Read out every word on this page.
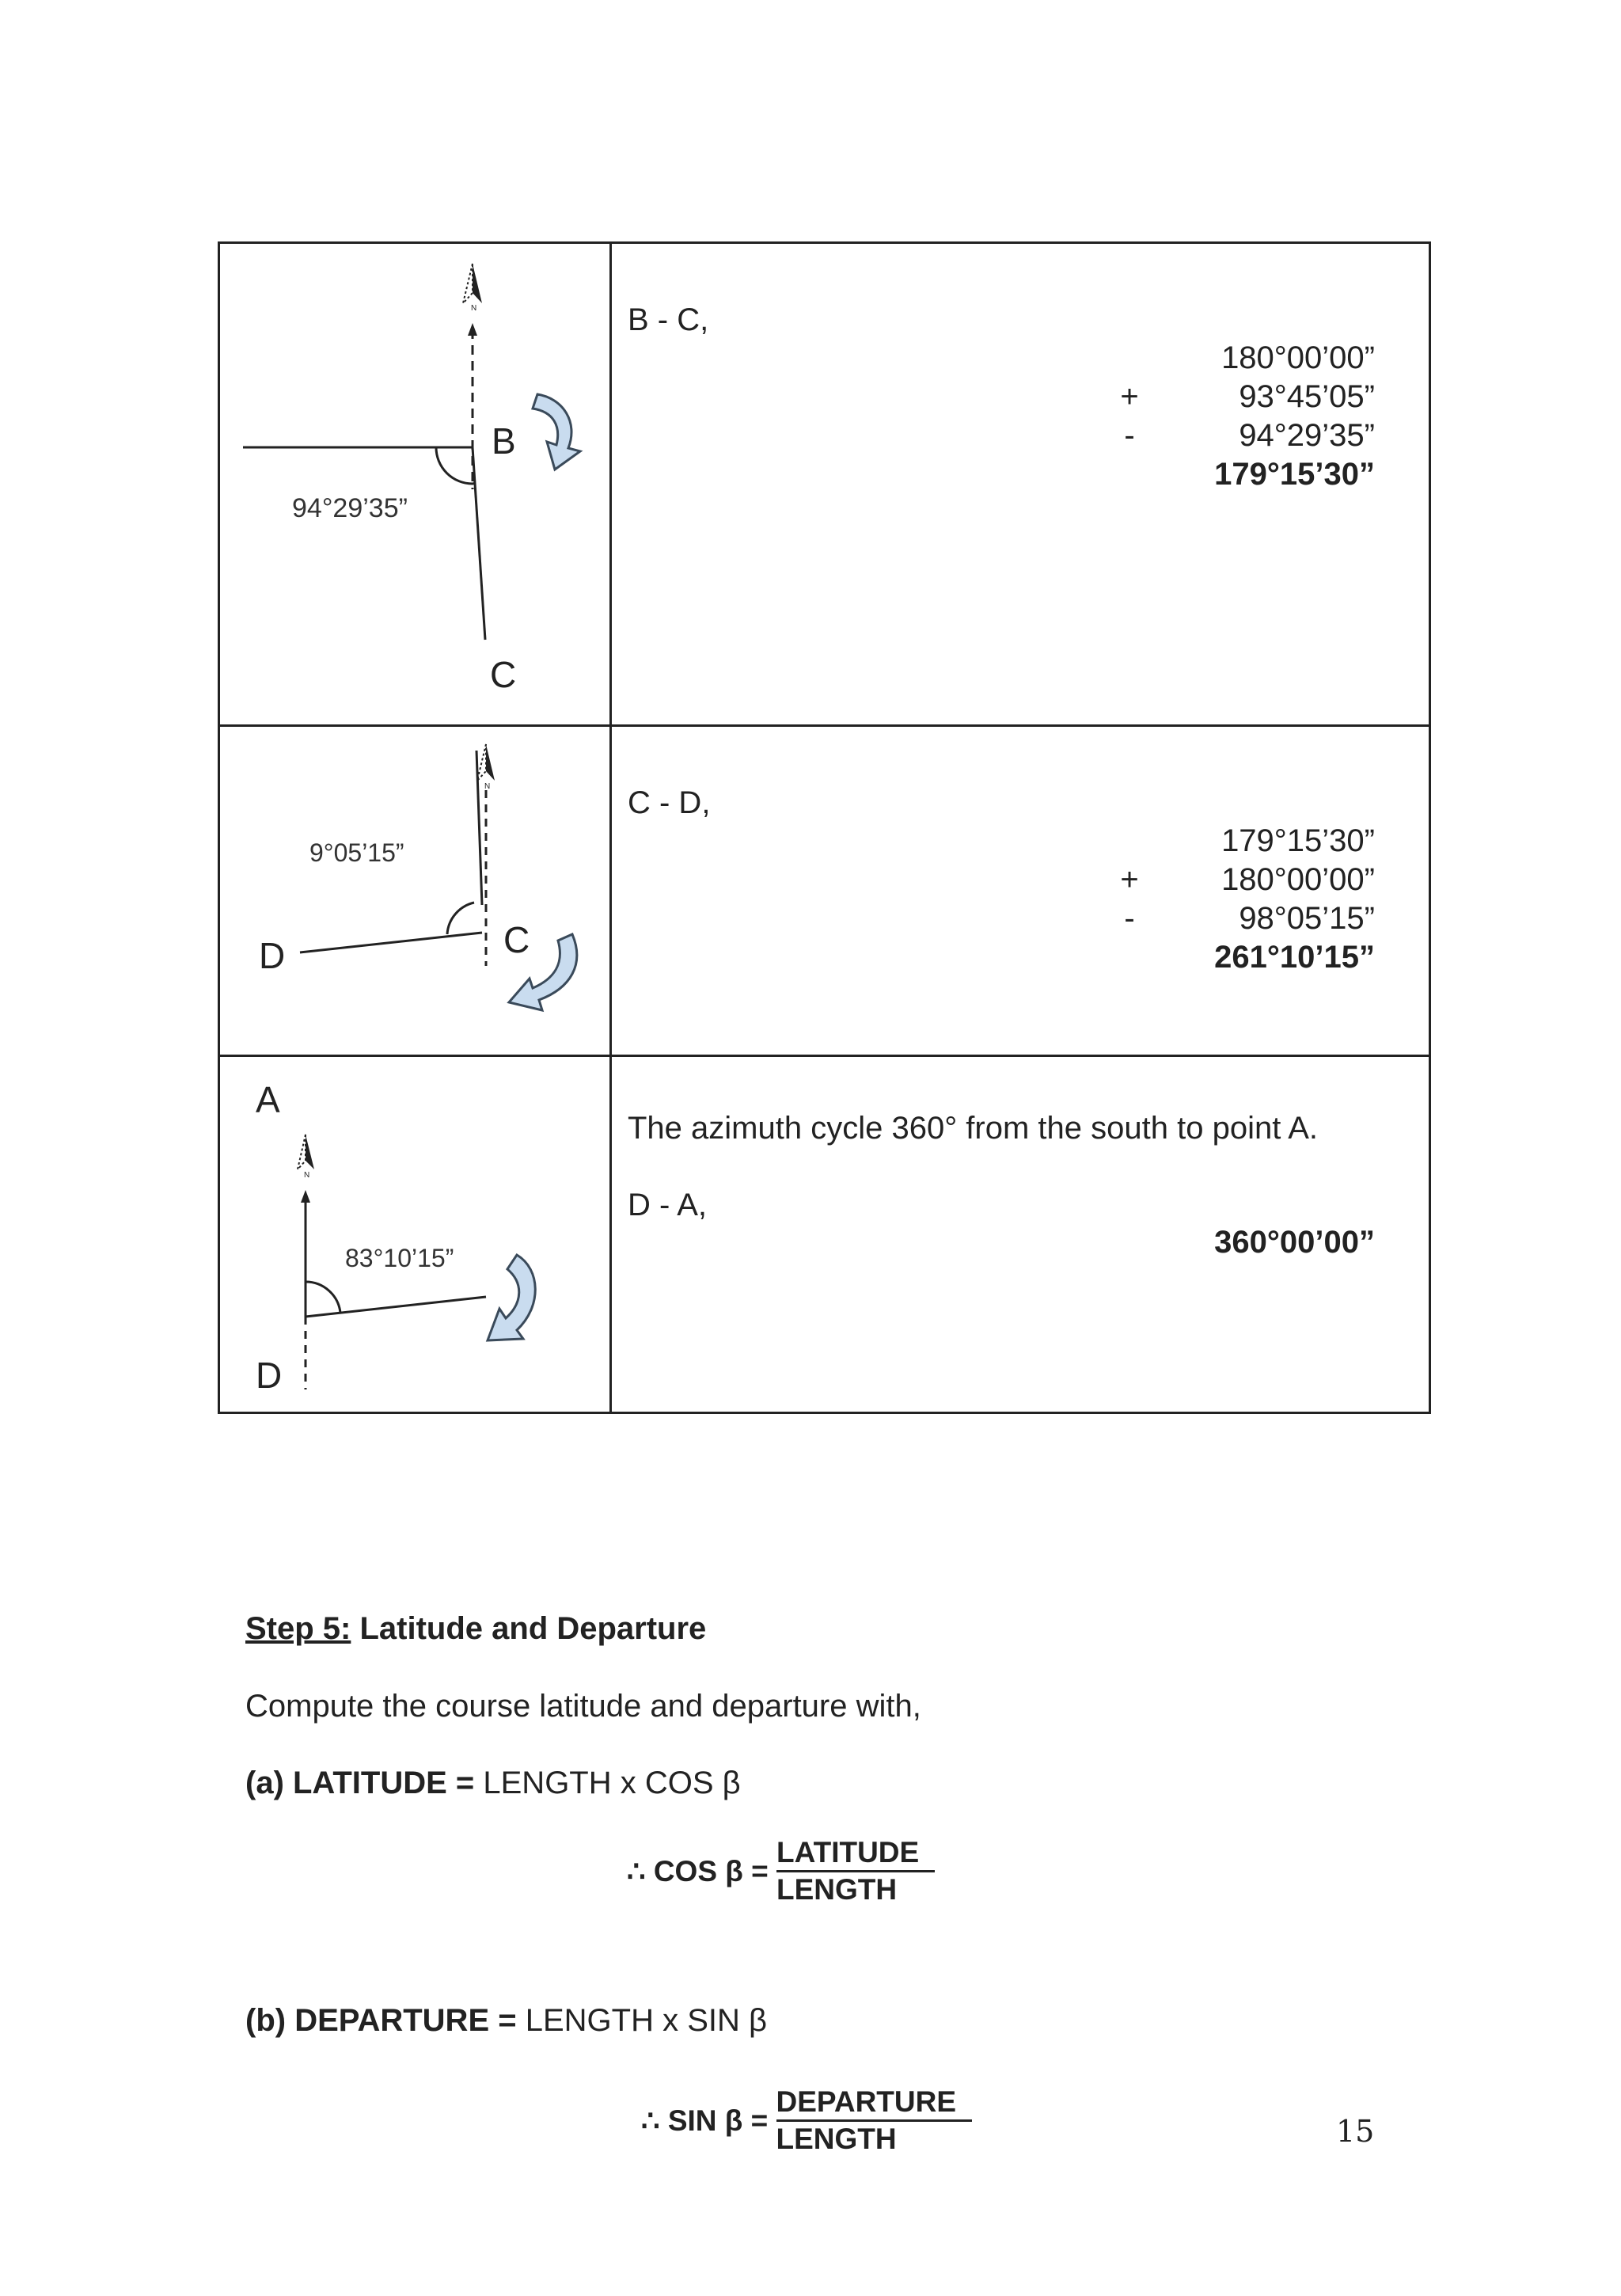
N
B
C
94°29’35”
B - C,
180°00’00”
+	93°45’05”
-	94°29’35”
179°15’30”
N
D	C
9°05’15”
C - D,
179°15’30”
+	180°00’00”
-	98°05’15”
261°10’15”
A
N
D
83°10’15”
The azimuth cycle 360° from the south to point A.
D - A,
360°00’00”
Step 5: Latitude and Departure
Compute the course latitude and departure with,
(a) LATITUDE = LENGTH x COS β
∴ COS $\beta = \frac{\text{LATITUDE}}{\text{LENGTH}}$
(b) DEPARTURE = LENGTH x SIN β
∴ SIN $\beta = \frac{\text{DEPARTURE}}{\text{LENGTH}}$	15
